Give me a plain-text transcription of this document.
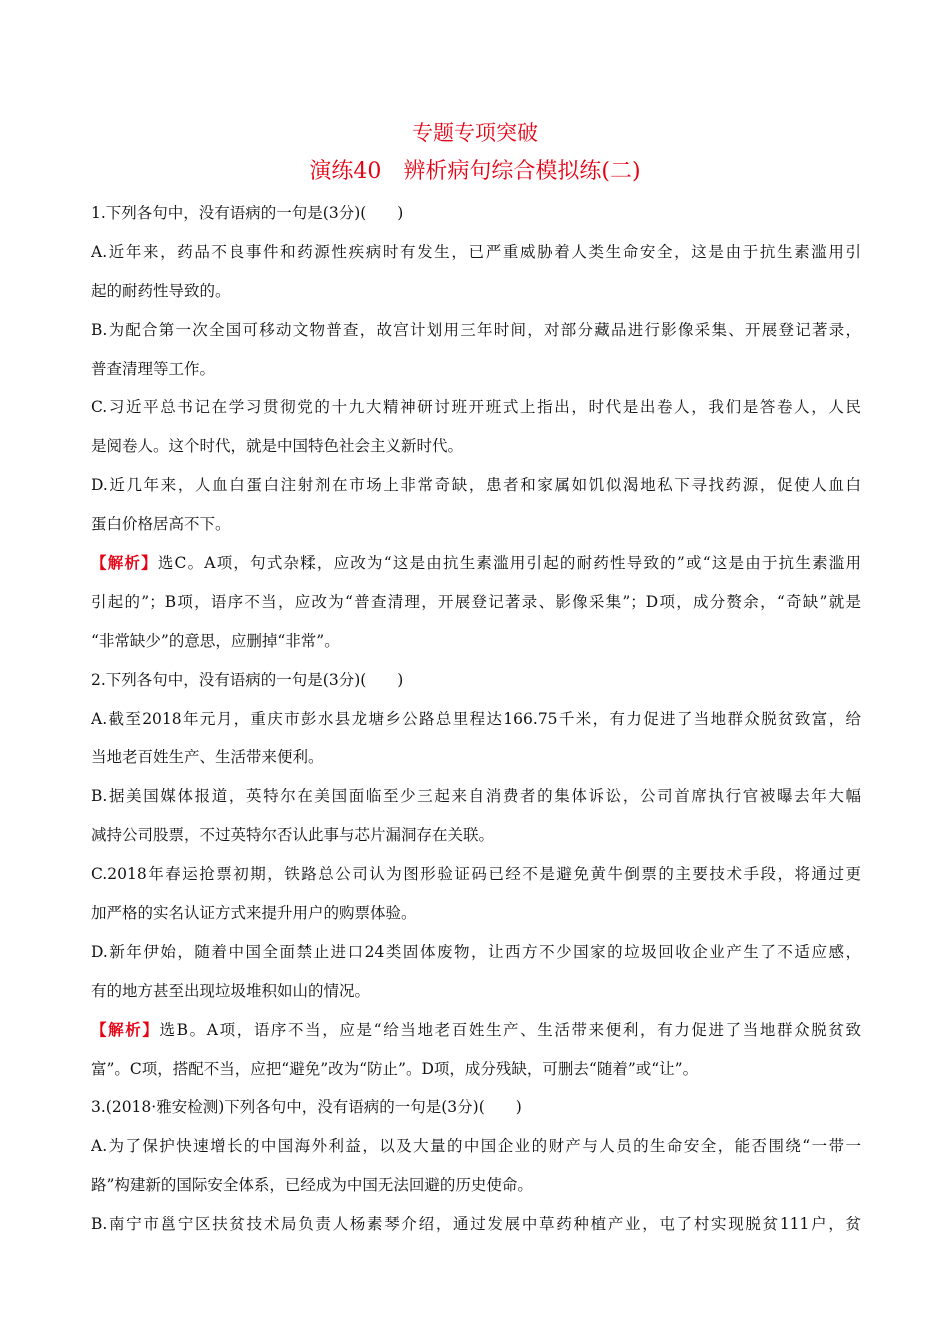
专题专项突破
演练40　辨析病句综合模拟练(二)
1.下列各句中，没有语病的一句是(3分)(　　)
A.近年来，药品不良事件和药源性疾病时有发生，已严重威胁着人类生命安全，这是由于抗生素滥用引
起的耐药性导致的。
B.为配合第一次全国可移动文物普查，故宫计划用三年时间，对部分藏品进行影像采集、开展登记著录，
普查清理等工作。
C.习近平总书记在学习贯彻党的十九大精神研讨班开班式上指出，时代是出卷人，我们是答卷人，人民
是阅卷人。这个时代，就是中国特色社会主义新时代。
D.近几年来，人血白蛋白注射剂在市场上非常奇缺，患者和家属如饥似渴地私下寻找药源，促使人血白
蛋白价格居高不下。
【解析】选C。A项，句式杂糅，应改为“这是由抗生素滥用引起的耐药性导致的”或“这是由于抗生素滥用
引起的”；B项，语序不当，应改为“普查清理，开展登记著录、影像采集”；D项，成分赘余，“奇缺”就是
“非常缺少”的意思，应删掉“非常”。
2.下列各句中，没有语病的一句是(3分)(　　)
A.截至2018年元月，重庆市彭水县龙塘乡公路总里程达166.75千米，有力促进了当地群众脱贫致富，给
当地老百姓生产、生活带来便利。
B.据美国媒体报道，英特尔在美国面临至少三起来自消费者的集体诉讼，公司首席执行官被曝去年大幅
减持公司股票，不过英特尔否认此事与芯片漏洞存在关联。
C.2018年春运抢票初期，铁路总公司认为图形验证码已经不是避免黄牛倒票的主要技术手段，将通过更
加严格的实名认证方式来提升用户的购票体验。
D.新年伊始，随着中国全面禁止进口24类固体废物，让西方不少国家的垃圾回收企业产生了不适应感，
有的地方甚至出现垃圾堆积如山的情况。
【解析】选B。A项，语序不当，应是“给当地老百姓生产、生活带来便利，有力促进了当地群众脱贫致
富”。C项，搭配不当，应把“避免”改为“防止”。D项，成分残缺，可删去“随着”或“让”。
3.(2018·雅安检测)下列各句中，没有语病的一句是(3分)(　　)
A.为了保护快速增长的中国海外利益，以及大量的中国企业的财产与人员的生命安全，能否围绕“一带一
路”构建新的国际安全体系，已经成为中国无法回避的历史使命。
B.南宁市邕宁区扶贫技术局负责人杨素琴介绍，通过发展中草药种植产业，屯了村实现脱贫111户，贫
